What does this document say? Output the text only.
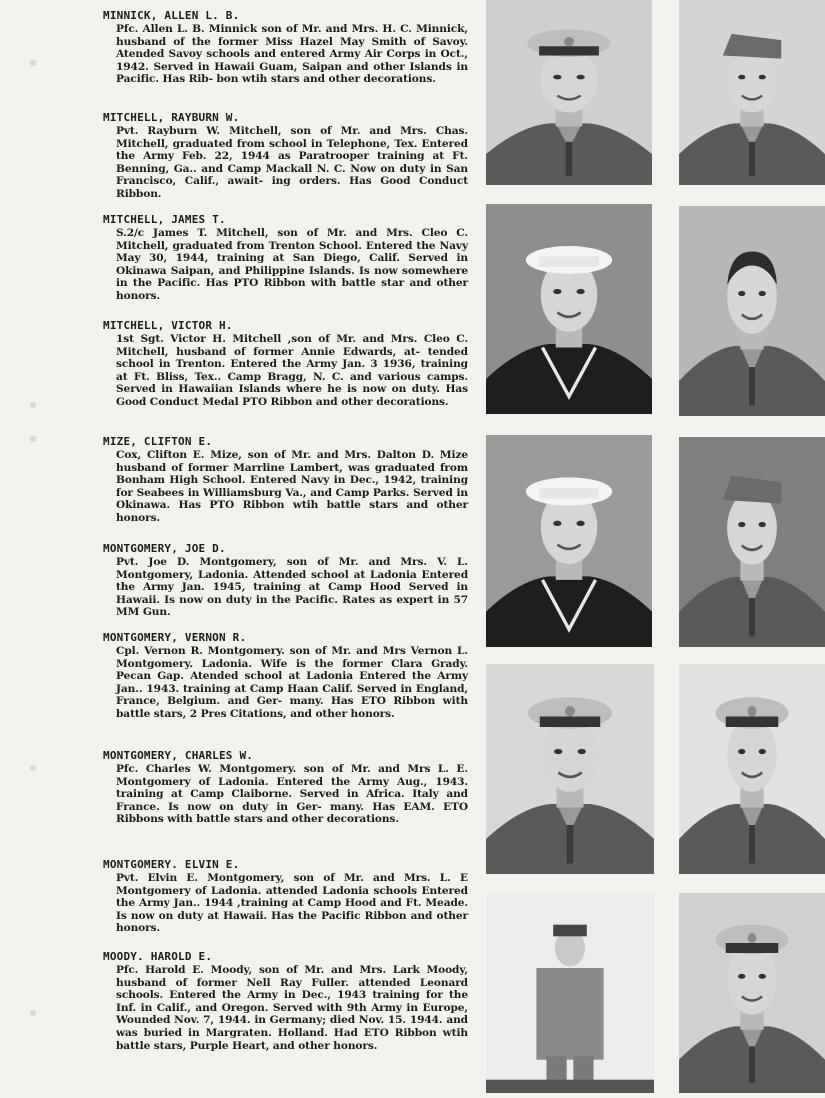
MINNICK, ALLEN L. B.

Pfc. Allen L. B. Minnick son of Mr. and Mrs. H. C. Minnick, husband of the former Miss Hazel May Smith of Savoy. Atended Savoy schools and entered Army Air Corps in Oct., 1942. Served in Hawaii Guam, Saipan and other Islands in Pacific. Has Rib- bon wtih stars and other decorations.

MITCHELL, RAYBURN W.

Pvt. Rayburn W. Mitchell, son of Mr. and Mrs. Chas. Mitchell, graduated from school in Telephone, Tex. Entered the Army Feb. 22, 1944 as Paratrooper training at Ft. Benning, Ga.. and Camp Mackall N. C. Now on duty in San Francisco, Calif., await- ing orders. Has Good Conduct Ribbon.

MITCHELL, JAMES T.

S.2/c James T. Mitchell, son of Mr. and Mrs. Cleo C. Mitchell, graduated from Trenton School. Entered the Navy May 30, 1944, training at San Diego, Calif. Served in Okinawa Saipan, and Philippine Islands. Is now somewhere in the Pacific. Has PTO Ribbon with battle star and other honors.

MITCHELL, VICTOR H.

1st Sgt. Victor H. Mitchell ,son of Mr. and Mrs. Cleo C. Mitchell, husband of former Annie Edwards, at- tended school in Trenton. Entered the Army Jan. 3 1936, training at Ft. Bliss, Tex.. Camp Bragg, N. C. and various camps. Served in Hawaiian Islands where he is now on duty. Has Good Conduct Medal PTO Ribbon and other decorations.

MIZE, CLIFTON E.

Cox, Clifton E. Mize, son of Mr. and Mrs. Dalton D. Mize husband of former Marrline Lambert, was graduated from Bonham High School. Entered Navy in Dec., 1942, training for Seabees in Williamsburg Va., and Camp Parks. Served in Okinawa. Has PTO Ribbon wtih battle stars and other honors.

MONTGOMERY, JOE D.

Pvt. Joe D. Montgomery, son of Mr. and Mrs. V. L. Montgomery, Ladonia. Attended school at Ladonia Entered the Army Jan. 1945, training at Camp Hood Served in Hawaii. Is now on duty in the Pacific. Rates as expert in 57 MM Gun.

MONTGOMERY, VERNON R.

Cpl. Vernon R. Montgomery. son of Mr. and Mrs Vernon L. Montgomery. Ladonia. Wife is the former Clara Grady. Pecan Gap. Atended school at Ladonia Entered the Army Jan.. 1943. training at Camp Haan Calif. Served in England, France, Belgium. and Ger- many. Has ETO Ribbon with battle stars, 2 Pres Citations, and other honors.

MONTGOMERY, CHARLES W.

Pfc. Charles W. Montgomery. son of Mr. and Mrs L. E. Montgomery of Ladonia. Entered the Army Aug., 1943. training at Camp Claiborne. Served in Africa. Italy and France. Is now on duty in Ger- many. Has EAM. ETO Ribbons with battle stars and other decorations.

MONTGOMERY. ELVIN E.

Pvt. Elvin E. Montgomery, son of Mr. and Mrs. L. E Montgomery of Ladonia. attended Ladonia schools Entered the Army Jan.. 1944 ,training at Camp Hood and Ft. Meade. Is now on duty at Hawaii. Has the Pacific Ribbon and other honors.

MOODY. HAROLD E.

Pfc. Harold E. Moody, son of Mr. and Mrs. Lark Moody, husband of former Nell Ray Fuller. attended Leonard schools. Entered the Army in Dec., 1943 training for the Inf. in Calif., and Oregon. Served with 9th Army in Europe, Wounded Nov. 7, 1944. in Germany; died Nov. 15. 1944. and was buried in Margraten. Holland. Had ETO Ribbon wtih battle stars, Purple Heart, and other honors.
